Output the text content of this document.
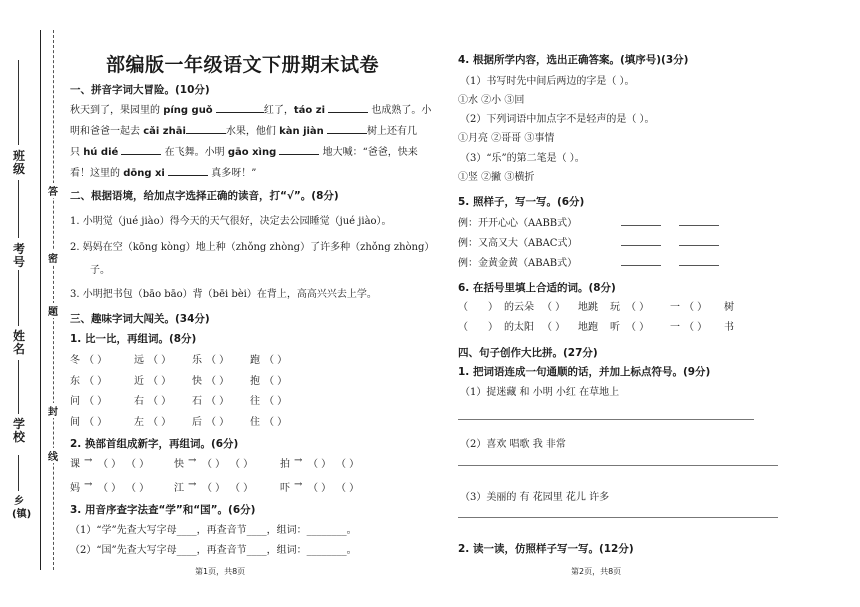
班级
考号
姓名
学校
乡(镇)
答
密
题
封
线
部编版一年级语文下册期末试卷
一、拼音字词大冒险。(10分)
秋天到了，果园里的 píng guǒ	红了，táo zi	也成熟了。小
明和爸爸一起去 cǎi zhāi	水果，他们 kàn jiàn	树上还有几
只 hú dié	在飞舞。小明 gāo xìng	地大喊：“爸爸，快来
看！这里的 dōng xi	真多呀！”
二、根据语境，给加点字选择正确的读音，打“√”。(8分)
1. 小明觉（jué jiào）得今天的天气很好，决定去公园睡觉（jué jiào）。
2. 妈妈在空（kōng kòng）地上种（zhǒng zhòng）了许多种（zhǒng zhòng）
子。
3. 小明把书包（bāo bāo）背（bēi bèi）在背上，高高兴兴去上学。
三、趣味字词大闯关。(34分)
1. 比一比，再组词。(8分)
冬 （ ）	远 （ ） 乐 （ ） 跑 （ ）
东 （ ）	近 （ ） 快 （ ） 抱 （ ）
问 （ ）	右 （ ） 石 （ ） 往 （ ）
间 （ ）	左 （ ） 后 （ ） 住 （ ）
2. 换部首组成新字，再组词。(6分)
课 → （ ） （ ） 快 → （ ） （ ）	拍 → （ ） （ ）
妈 → （ ） （ ） 江 → （ ） （ ）	吓 → （ ） （ ）
3. 用音序查字法查“学”和“国”。(6分)
（1）“学”先查大写字母____，再查音节____，组词：________。
（2）“国”先查大写字母____，再查音节____，组词：________。
第1页，共8页
4. 根据所学内容，选出正确答案。(填序号)(3分)
（1）书写时先中间后两边的字是（ ）。
①水 ②小 ③回
（2）下列词语中加点字不是轻声的是（ ）。
①月亮 ②哥哥 ③事情
（3）“乐”的第二笔是（ ）。
①竖 ②撇 ③横折
5. 照样子，写一写。(6分)
例：开开心心（AABB式）
例：又高又大（ABAC式）
例：金黄金黄（ABAB式）
6. 在括号里填上合适的词。(8分)
（ ） 的云朵 （ ） 地跳 玩 （ ） 一 （ ） 树
（ ） 的太阳 （ ） 地跑 听 （ ） 一 （ ） 书
四、句子创作大比拼。(27分)
1. 把词语连成一句通顺的话，并加上标点符号。(9分)
（1）捉迷藏 和 小明 小红 在草地上
（2）喜欢 唱歌 我 非常
（3）美丽的 有 花园里 花儿 许多
2. 读一读，仿照样子写一写。(12分)
第2页，共8页
